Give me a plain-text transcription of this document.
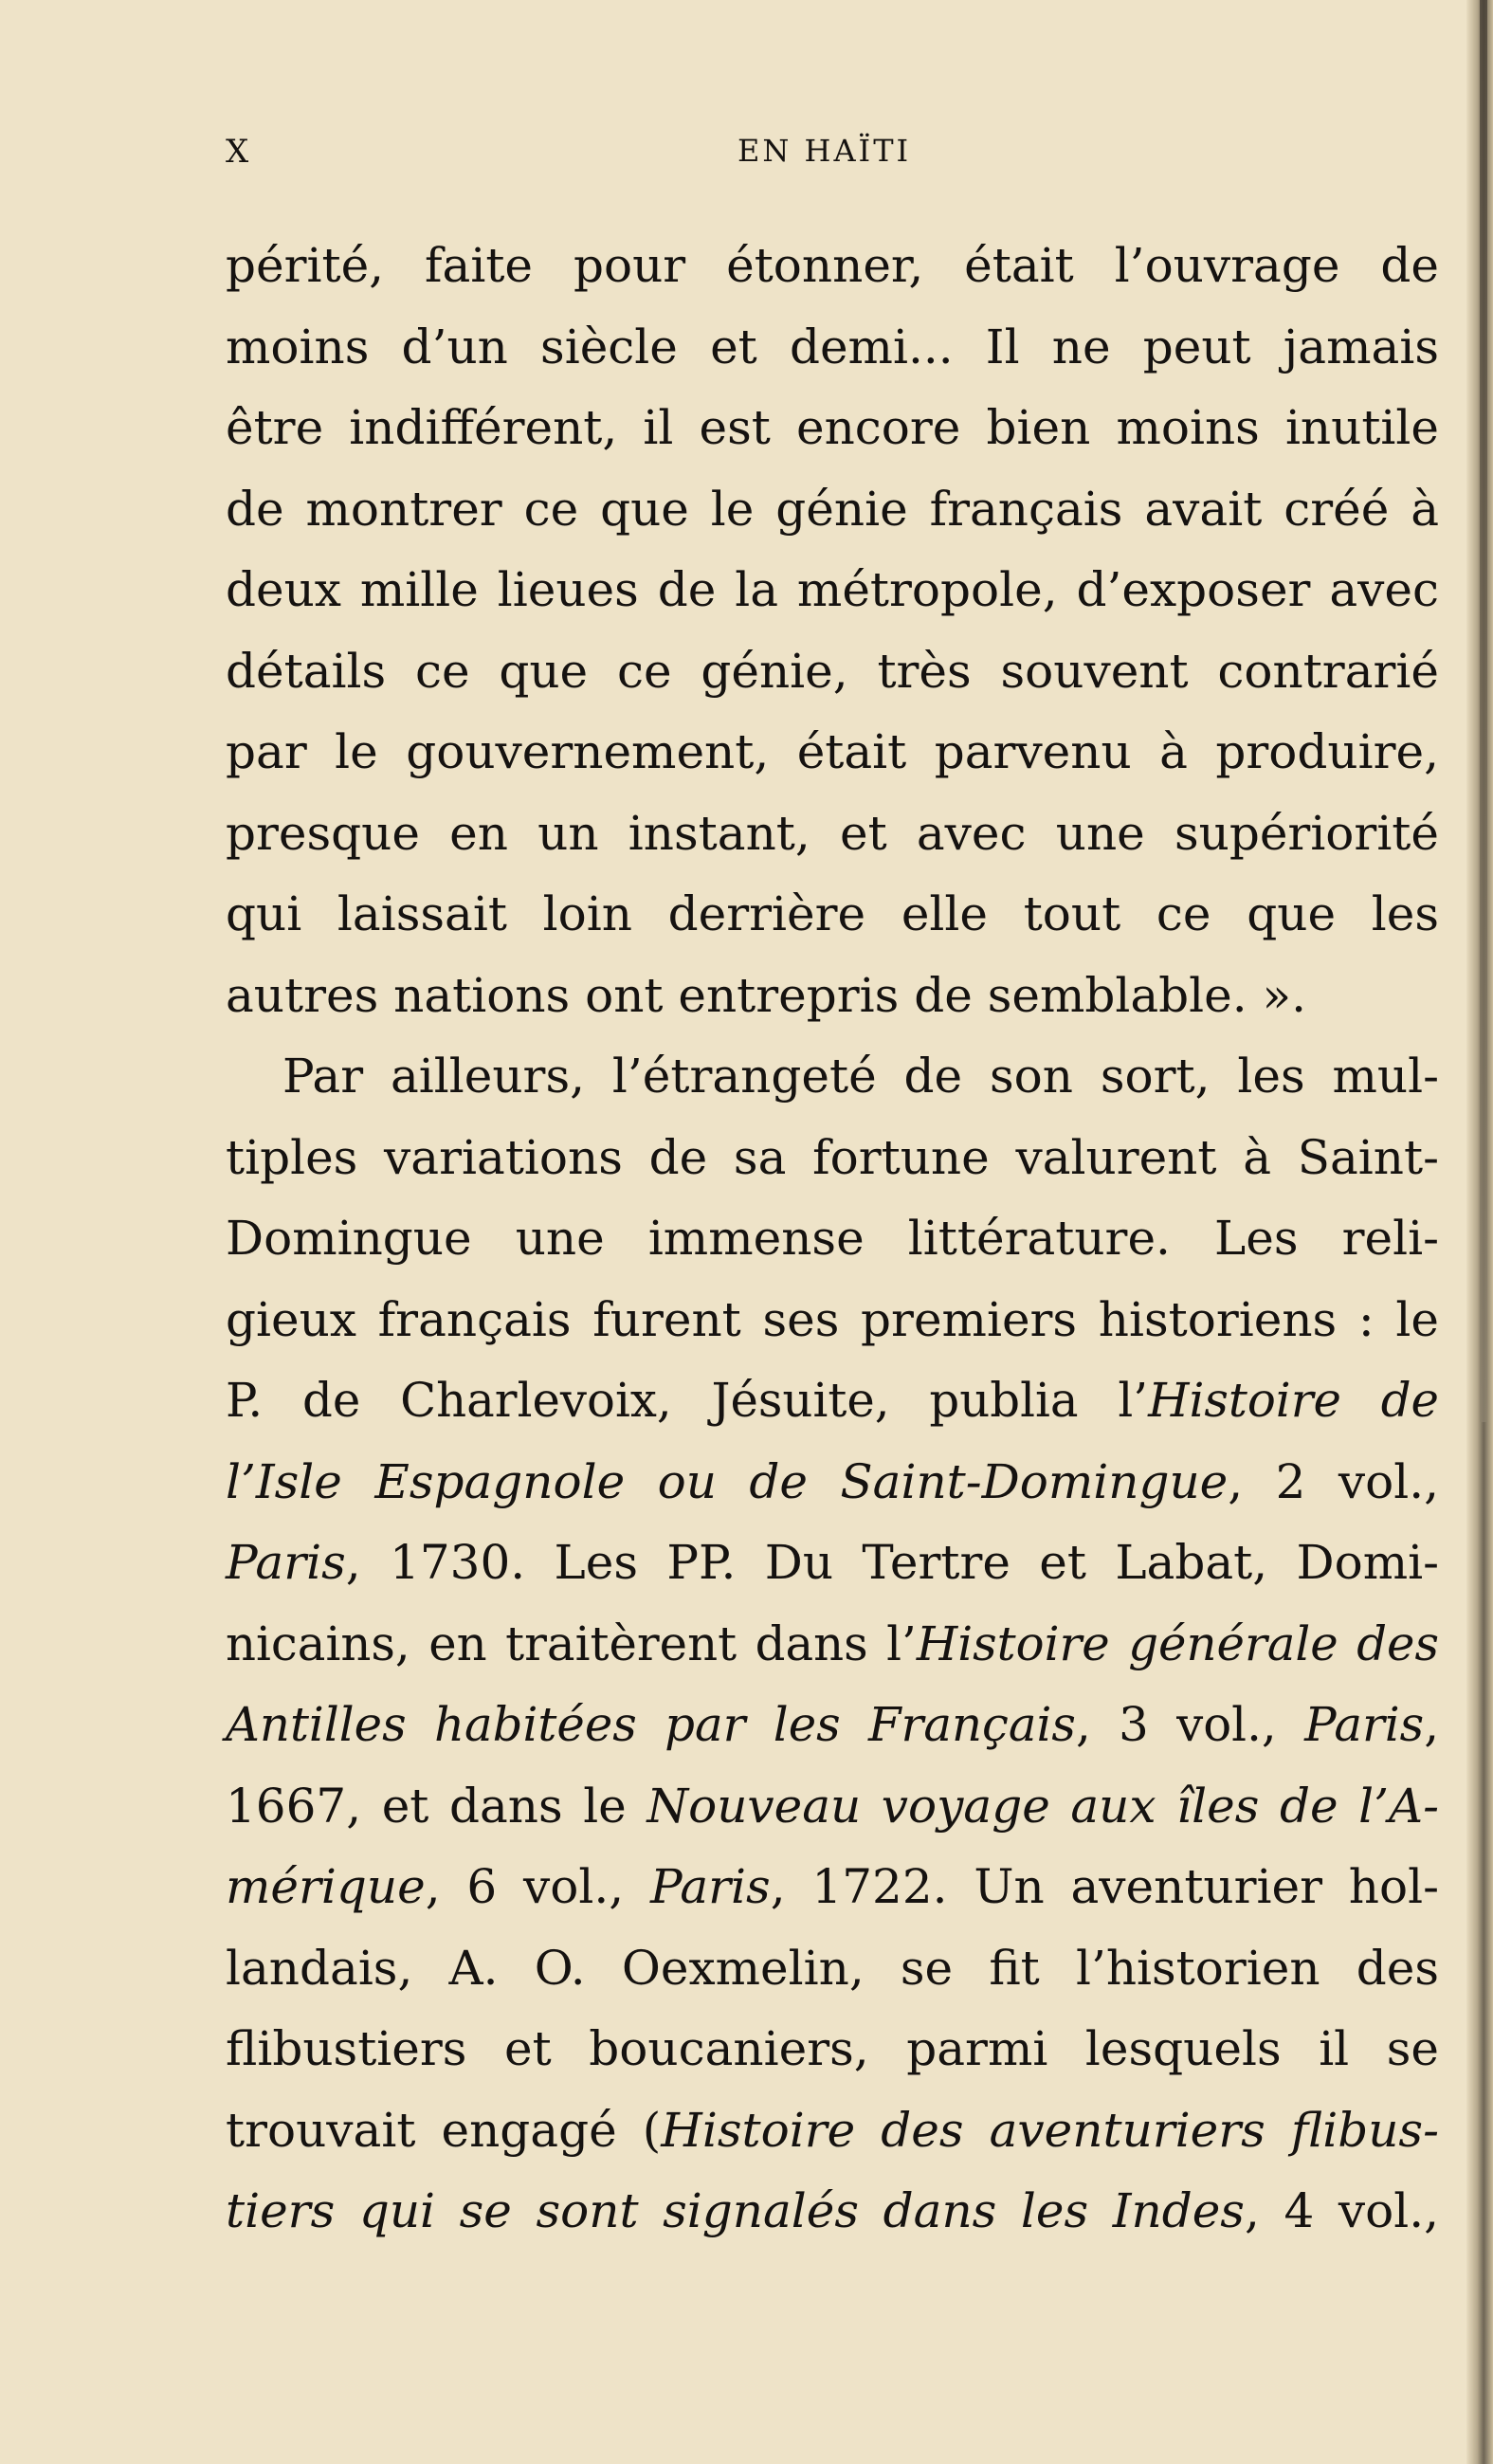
X	EN HAÏTI
périté, faite pour étonner, était l’ouvrage de
moins d’un siècle et demi... Il ne peut jamais
être indifférent, il est encore bien moins inutile
de montrer ce que le génie français avait créé à
deux mille lieues de la métropole, d’exposer avec
détails ce que ce génie, très souvent contrarié
par le gouvernement, était parvenu à produire,
presque en un instant, et avec une supériorité
qui laissait loin derrière elle tout ce que les
autres nations ont entrepris de semblable. ».
Par ailleurs, l’étrangeté de son sort, les mul-
tiples variations de sa fortune valurent à Saint-
Domingue une immense littérature. Les reli-
gieux français furent ses premiers historiens : le
P. de Charlevoix, Jésuite, publia l’Histoire de
l’Isle Espagnole ou de Saint-Domingue, 2 vol.,
Paris, 1730. Les PP. Du Tertre et Labat, Domi-
nicains, en traitèrent dans l’Histoire générale des
Antilles habitées par les Français, 3 vol., Paris,
1667, et dans le Nouveau voyage aux îles de l’A-
mérique, 6 vol., Paris, 1722. Un aventurier hol-
landais, A. O. Oexmelin, se fit l’historien des
flibustiers et boucaniers, parmi lesquels il se
trouvait engagé (Histoire des aventuriers flibus-
tiers qui se sont signalés dans les Indes, 4 vol.,
